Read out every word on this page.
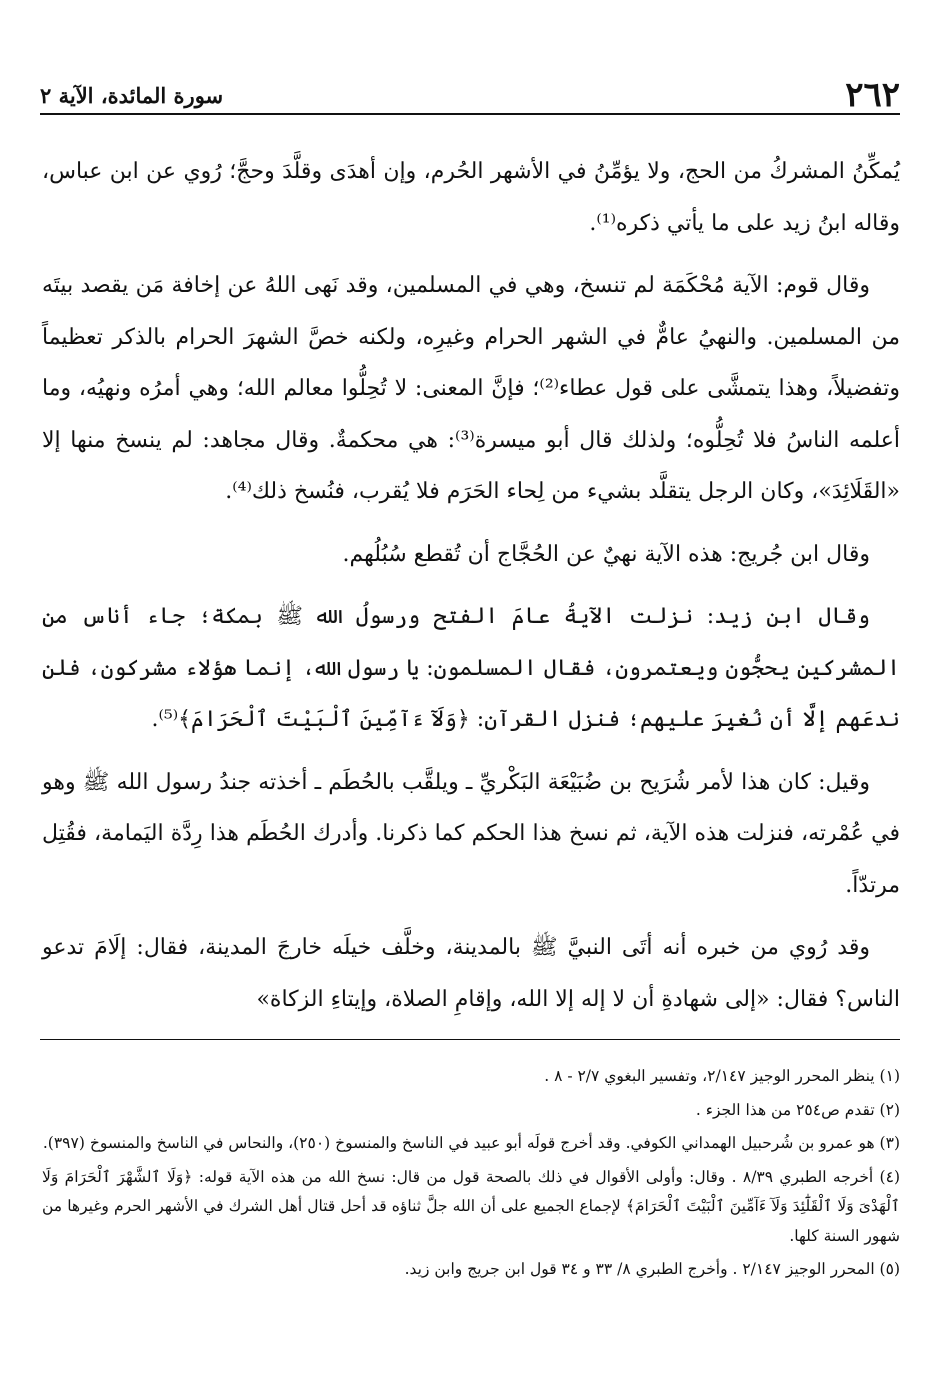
٢٦٢
سورة المائدة، الآية ٢

يُمكِّنُ المشركُ من الحج، ولا يؤمِّنُ في الأشهر الحُرم، وإن أهدَى وقلَّدَ وحجَّ؛ رُوي عن ابن عباس، وقاله ابنُ زيد على ما يأتي ذكره⁽¹⁾.

وقال قوم: الآية مُحْكَمَة لم تنسخ، وهي في المسلمين، وقد نَهى اللهُ عن إخافة مَن يقصد بيتَه من المسلمين. والنهيُ عامٌّ في الشهر الحرام وغيرِه، ولكنه خصَّ الشهرَ الحرام بالذكر تعظيماً وتفضيلاً، وهذا يتمشَّى على قول عطاء⁽²⁾؛ فإنَّ المعنى: لا تُحِلُّوا معالم الله؛ وهي أمرُه ونهيُه، وما أعلمه الناسُ فلا تُحِلُّوه؛ ولذلك قال أبو ميسرة⁽³⁾: هي محكمةٌ. وقال مجاهد: لم ينسخ منها إلا «القَلَائِدَ»، وكان الرجل يتقلَّد بشيء من لِحاء الحَرَم فلا يُقرب، فنُسخ ذلك⁽⁴⁾.

وقال ابن جُريج: هذه الآية نهيٌ عن الحُجَّاج أن تُقطع سُبُلُهم.

وقال ابن زيد: نزلت الآيةُ عامَ الفتح ورسولُ الله ﷺ بمكة؛ جاء أناس من المشركين يحجُّون ويعتمرون، فقال المسلمون: يا رسول الله، إنما هؤلاء مشركون، فلن ندعَهم إلَّا أن نُغيِرَ عليهم؛ فنزل القرآن: ﴿وَلَآ ءَآمِّينَ ٱلْبَيْتَ ٱلْحَرَامَ﴾⁽⁵⁾.

وقيل: كان هذا لأمر شُرَيح بن ضُبَيْعَة البَكْريِّ ـ ويلقَّب بالحُطَم ـ أخذته جندُ رسول الله ﷺ وهو في عُمْرته، فنزلت هذه الآية، ثم نسخ هذا الحكم كما ذكرنا. وأدرك الحُطَم هذا رِدَّة اليَمامة، فقُتِل مرتدّاً.

وقد رُوي من خبره أنه أتَى النبيَّ ﷺ بالمدينة، وخلَّف خيلَه خارجَ المدينة، فقال: إلَامَ تدعو الناس؟ فقال: «إلى شهادةِ أن لا إله إلا الله، وإقامِ الصلاة، وإيتاءِ الزكاة»

(١) ينظر المحرر الوجيز ٢/١٤٧، وتفسير البغوي ٢/٧ - ٨ .

(٢) تقدم ص٢٥٤ من هذا الجزء .

(٣) هو عمرو بن شُرحبيل الهمداني الكوفي. وقد أخرج قولَه أبو عبيد في الناسخ والمنسوخ (٢٥٠)، والنحاس في الناسخ والمنسوخ (٣٩٧).

(٤) أخرجه الطبري ٨/٣٩ . وقال: وأولى الأقوال في ذلك بالصحة قول من قال: نسخ الله من هذه الآية قوله: ﴿وَلَا ٱلشَّهْرَ ٱلْحَرَامَ وَلَا ٱلْهَدْىَ وَلَا ٱلْقَلَٰٓئِدَ وَلَآ ءَآمِّينَ ٱلْبَيْتَ ٱلْحَرَامَ﴾ لإجماع الجميع على أن الله جلَّ ثناؤه قد أحل قتال أهل الشرك في الأشهر الحرم وغيرها من شهور السنة كلها.

(٥) المحرر الوجيز ٢/١٤٧ . وأخرج الطبري ٨/ ٣٣ و ٣٤ قول ابن جريج وابن زيد.
